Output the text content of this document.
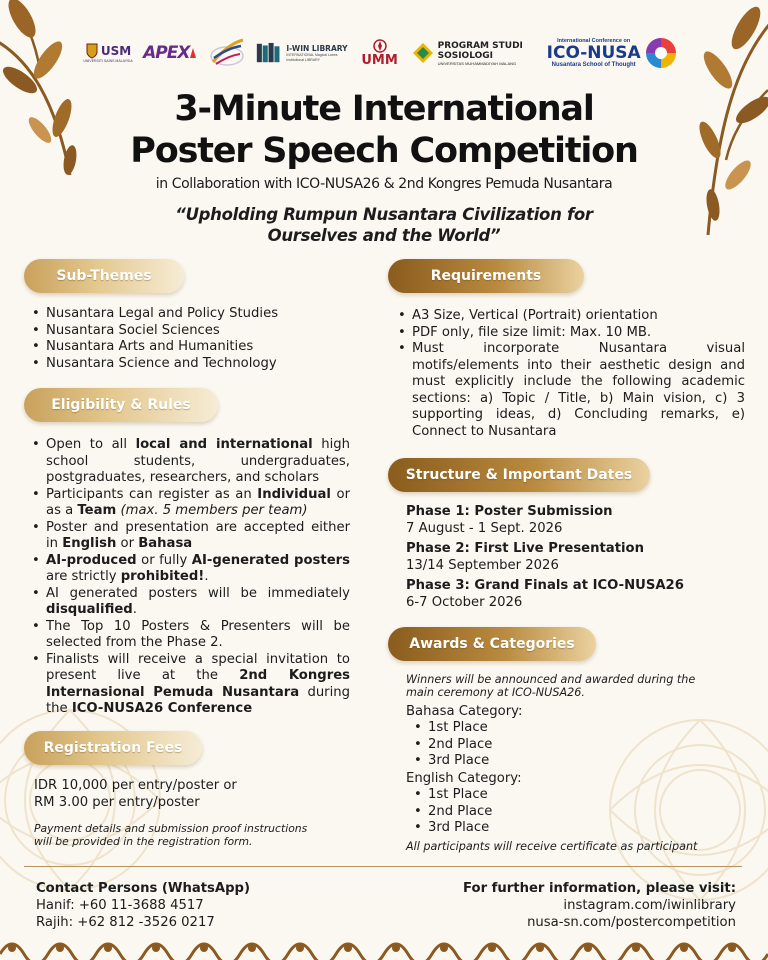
USM
UNIVERSITI SAINS MALAYSIA APEX	I-WIN LIBRARY
INTERNATIONAL Magical Lanes Institutional LIBRARY	UMM
PROGRAM STUDI
SOSIOLOGI
UNIVERSITAS MUHAMMADIYAH MALANG
International Conference on
ICO-NUSA
Nusantara School of Thought
3-Minute International
Poster Speech Competition
in Collaboration with ICO-NUSA26 & 2nd Kongres Pemuda Nusantara
“Upholding Rumpun Nusantara Civilization for
Ourselves and the World”
Sub-Themes
• Nusantara Legal and Policy Studies
• Nusantara Sociel Sciences
• Nusantara Arts and Humanities
• Nusantara Science and Technology
Eligibility & Rules
• Open to all local and international high school students, undergraduates, postgraduates, researchers, and scholars
• Participants can register as an Individual or as a Team (max. 5 members per team)
• Poster and presentation are accepted either in English or Bahasa
• AI-produced or fully AI-generated posters are strictly prohibited!.
• AI generated posters will be immediately disqualified.
• The Top 10 Posters & Presenters will be selected from the Phase 2.
• Finalists will receive a special invitation to present live at the 2nd Kongres Internasional Pemuda Nusantara during the ICO-NUSA26 Conference
Registration Fees
IDR 10,000 per entry/poster or
RM 3.00 per entry/poster
Payment details and submission proof instructions
will be provided in the registration form.
Requirements
• A3 Size, Vertical (Portrait) orientation
• PDF only, file size limit: Max. 10 MB.
• Must incorporate Nusantara visual motifs/elements into their aesthetic design and must explicitly include the following academic sections: a) Topic / Title, b) Main vision, c) 3 supporting ideas, d) Concluding remarks, e) Connect to Nusantara
Structure & Important Dates
Phase 1: Poster Submission
7 August - 1 Sept. 2026
Phase 2: First Live Presentation
13/14 September 2026
Phase 3: Grand Finals at ICO-NUSA26
6-7 October 2026
Awards & Categories
Winners will be announced and awarded during the
main ceremony at ICO-NUSA26.
Bahasa Category:
• 1st Place
• 2nd Place
• 3rd Place
English Category:
• 1st Place
• 2nd Place
• 3rd Place
All participants will receive certificate as participant
Contact Persons (WhatsApp)
Hanif: +60 11-3688 4517
Rajih: +62 812 -3526 0217
For further information, please visit:
instagram.com/iwinlibrary
nusa-sn.com/postercompetition
